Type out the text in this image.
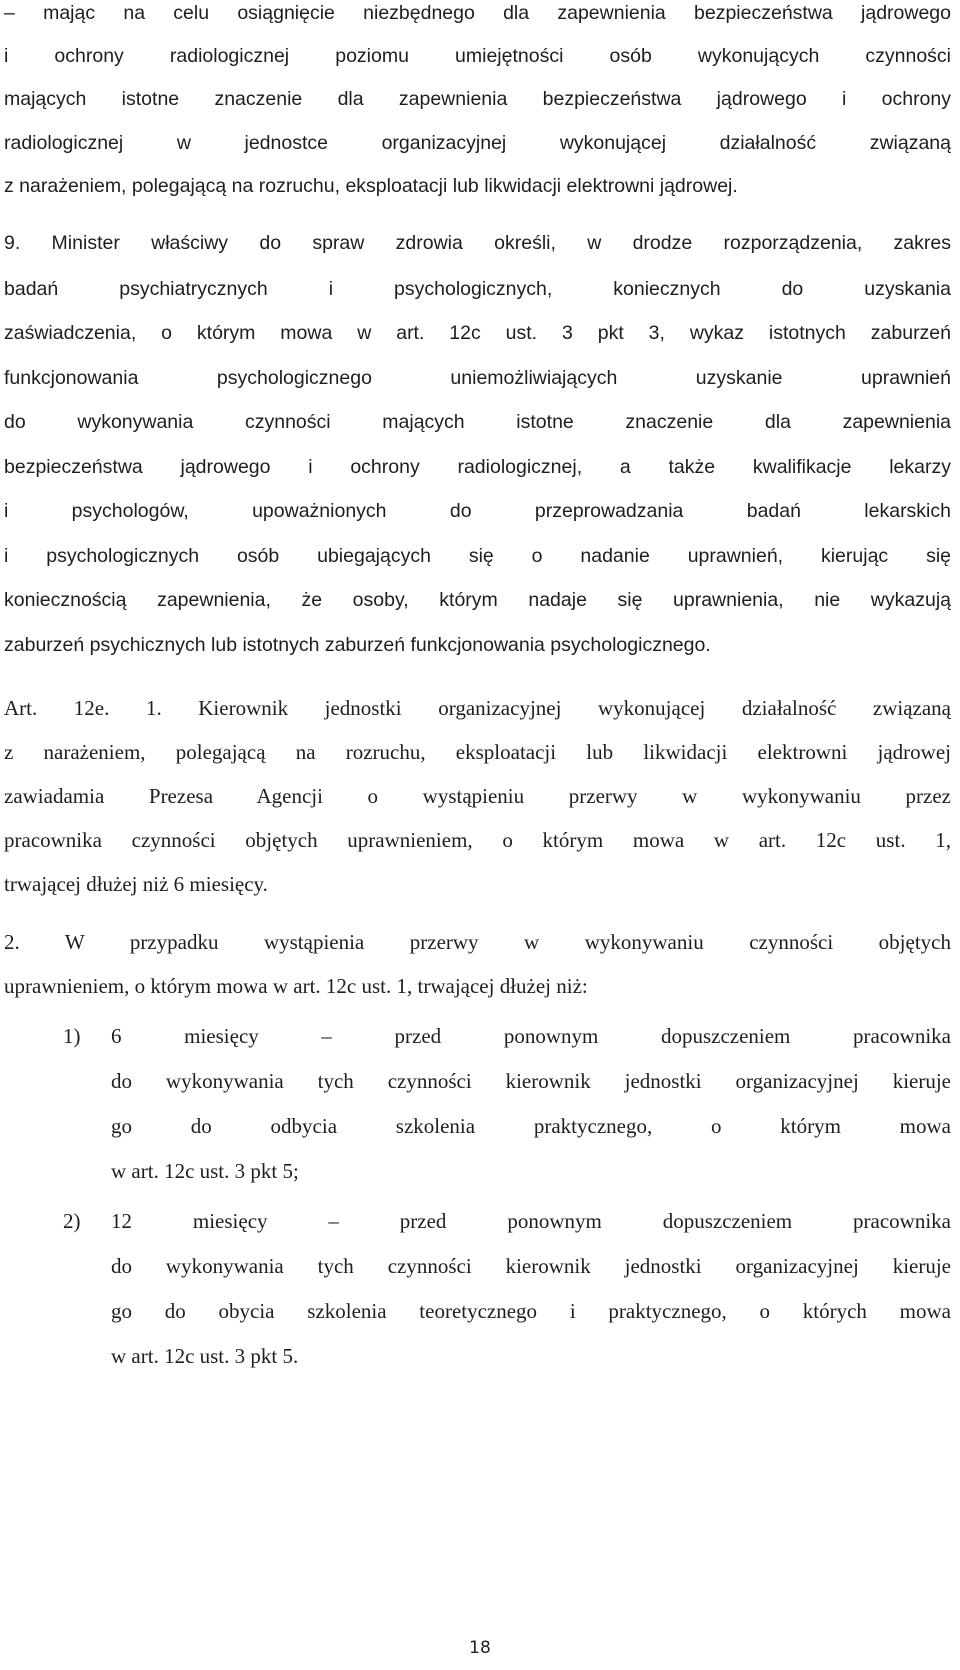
– mając na celu osiągnięcie niezbędnego dla zapewnienia bezpieczeństwa jądrowego
i ochrony radiologicznej poziomu umiejętności osób wykonujących czynności
mających istotne znaczenie dla zapewnienia bezpieczeństwa jądrowego i ochrony
radiologicznej w jednostce organizacyjnej wykonującej działalność związaną
z narażeniem, polegającą na rozruchu, eksploatacji lub likwidacji elektrowni jądrowej.
9. Minister właściwy do spraw zdrowia określi, w drodze rozporządzenia, zakres
badań psychiatrycznych i psychologicznych, koniecznych do uzyskania
zaświadczenia, o którym mowa w art. 12c ust. 3 pkt 3, wykaz istotnych zaburzeń
funkcjonowania psychologicznego uniemożliwiających uzyskanie uprawnień
do wykonywania czynności mających istotne znaczenie dla zapewnienia
bezpieczeństwa jądrowego i ochrony radiologicznej, a także kwalifikacje lekarzy
i psychologów, upoważnionych do przeprowadzania badań lekarskich
i psychologicznych osób ubiegających się o nadanie uprawnień, kierując się
koniecznością zapewnienia, że osoby, którym nadaje się uprawnienia, nie wykazują
zaburzeń psychicznych lub istotnych zaburzeń funkcjonowania psychologicznego.
Art. 12e. 1. Kierownik jednostki organizacyjnej wykonującej działalność związaną
z narażeniem, polegającą na rozruchu, eksploatacji lub likwidacji elektrowni jądrowej
zawiadamia Prezesa Agencji o wystąpieniu przerwy w wykonywaniu przez
pracownika czynności objętych uprawnieniem, o którym mowa w art. 12c ust. 1,
trwającej dłużej niż 6 miesięcy.
2. W przypadku wystąpienia przerwy w wykonywaniu czynności objętych
uprawnieniem, o którym mowa w art. 12c ust. 1, trwającej dłużej niż:
1)	6 miesięcy – przed ponownym dopuszczeniem pracownika
do wykonywania tych czynności kierownik jednostki organizacyjnej kieruje
go do odbycia szkolenia praktycznego, o którym mowa
w art. 12c ust. 3 pkt 5;
2)	12 miesięcy – przed ponownym dopuszczeniem pracownika
do wykonywania tych czynności kierownik jednostki organizacyjnej kieruje
go do obycia szkolenia teoretycznego i praktycznego, o których mowa
w art. 12c ust. 3 pkt 5.
18
